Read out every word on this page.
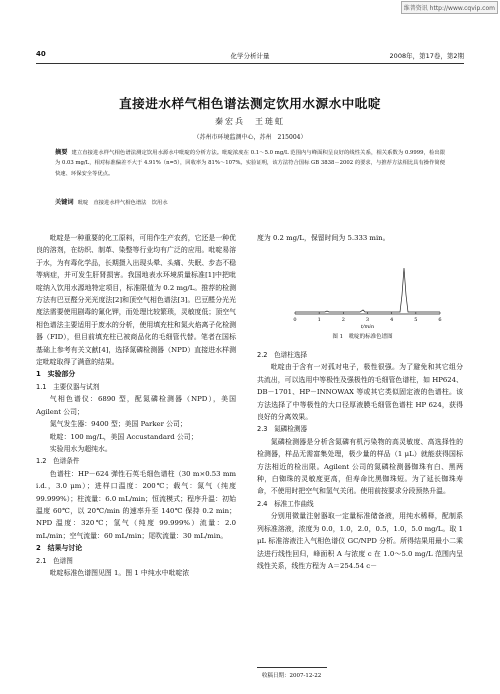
维普资讯 http://www.cqvip.com
40	化学分析计量	2008年，第17卷，第2期
直接进水样气相色谱法测定饮用水源水中吡啶
秦宏兵　王琏虹
（苏州市环境监测中心，苏州　215004）
摘要 建立直接进水样气相色谱法测定饮用水源水中吡啶的分析方法。吡啶浓度在 0.1～5.0 mg/L 范围内与峰面积呈良好的线性关系，相关系数为 0.9999，检出限为 0.03 mg/L，相对标准偏差不大于 4.91%（n=5），回收率为 81%～107%。实验证明，该方法符合国标 GB 3838－2002 的要求，与推荐方法相比具有操作简便快速、环保安全等优点。
关键词 吡啶　直接进水样气相色谱法　饮用水

吡啶是一种重要的化工原料，可用作生产农药，它还是一种优良的溶剂，在纺织、制革、染整等行业均有广泛的应用。吡啶易溶于水，为有毒化学品，长期摄入出现头晕、头痛、失眠、步态不稳等病症，并可发生肝肾损害。我国地表水环境质量标准[1]中把吡啶纳入饮用水源地特定项目，标准限值为 0.2 mg/L。推荐的检测方法有巴豆醛分光光度法[2]和顶空气相色谱法[3]。巴豆醛分光光度法需要使用剧毒的氰化钾，而处理比较繁琐，灵敏度低；顶空气相色谱法主要适用于废水的分析，使用填充柱和氮火焰离子化检测器（FID），但目前填充柱已被商品化的毛细管代替。笔者在国标基础上参考有关文献[4]，选择氮磷检测器（NPD）直接进水样测定吡啶取得了满意的结果。

1　实验部分

1.1　主要仪器与试剂

气相色谱仪：6890 型，配氮磷检测器（NPD），美国 Agilent 公司；

氮气发生器：9400 型；美国 Parker 公司；

吡啶：100 mg/L，美国 Accustandard 公司；

实验用水为超纯水。

1.2　色谱条件

色谱柱：HP－624 弹性石英毛细色谱柱（30 m×0.53 mm i.d.，3.0 μm）；进样口温度：200℃；载气：氮气（纯度 99.999%）；柱流量：6.0 mL/min；恒流模式；程序升温：初始温度 60℃，以 20℃/min 的速率升至 140℃ 保持 0.2 min；NPD 温度：320℃；氢气（纯度 99.999%）流量：2.0 mL/min；空气流量：60 mL/min；尾吹流量：30 mL/min。

2　结果与讨论

2.1　色谱图

吡啶标准色谱图见图 1。图 1 中纯水中吡啶浓

度为 0.2 mg/L，保留时间为 5.333 min。

0	1	2	3	4	5	6
t/min
图 1　吡啶的标准色谱图

2.2　色谱柱选择

吡啶由于含有一对孤对电子，极性很强。为了避免和其它组分共流出，可以选用中等极性及强极性的毛细管色谱柱，如 HP624、DB－1701、HP－INNOWAX 等或其它类似固定液的色谱柱。该方法选择了中等极性的大口径厚液膜毛细管色谱柱 HP 624，获得良好的分离效果。

2.3　氮磷检测器

氮磷检测器是分析含氮磷有机污染物的高灵敏度、高选择性的检测器，样品无需富集处理，极少量的样品（1 μL）就能获得国标方法相近的检出限。Agilent 公司的氮磷检测器铷珠有白、黑两种，白铷珠的灵敏度更高，但寿命比黑铷珠短。为了延长铷珠寿命，不使用时把空气和氢气关闭。使用前按要求分段预热升温。

2.4　标准工作曲线

分别用微量注射器取一定量标准储备液，用纯水稀释，配制系列标准溶液，浓度为 0.0，1.0，2.0，0.5，1.0，5.0 mg/L。取 1 μL 标准溶液注入气相色谱仪 GC/NPD 分析。所得结果用最小二乘法进行线性回归，峰面积 A 与浓度 c 在 1.0～5.0 mg/L 范围内呈线性关系，线性方程为 A＝254.54 c－

收稿日期：2007-12-22
